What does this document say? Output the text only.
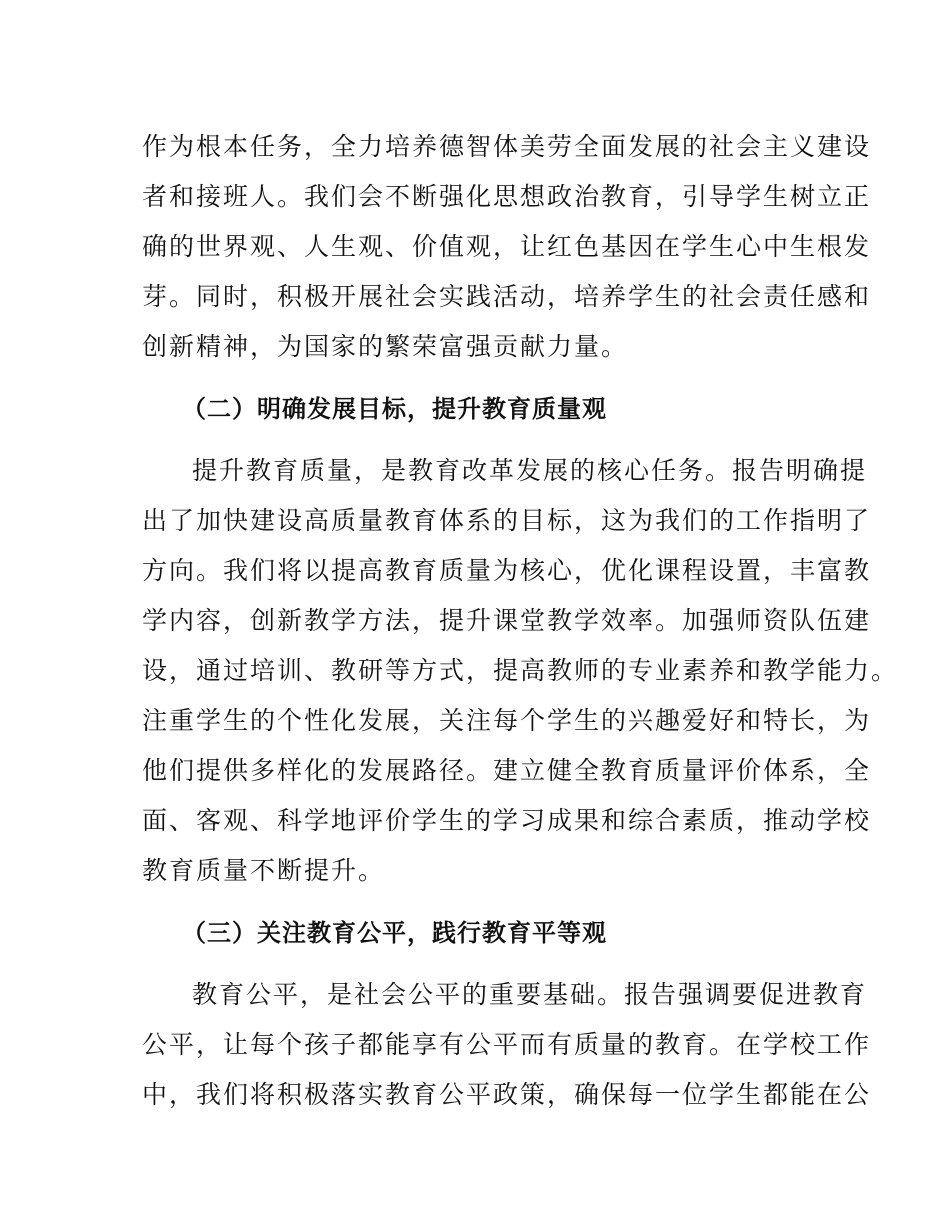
作为根本任务，全力培养德智体美劳全面发展的社会主义建设
者和接班人。我们会不断强化思想政治教育，引导学生树立正
确的世界观、人生观、价值观，让红色基因在学生心中生根发
芽。同时，积极开展社会实践活动，培养学生的社会责任感和
创新精神，为国家的繁荣富强贡献力量。
（二）明确发展目标，提升教育质量观
提升教育质量，是教育改革发展的核心任务。报告明确提
出了加快建设高质量教育体系的目标，这为我们的工作指明了
方向。我们将以提高教育质量为核心，优化课程设置，丰富教
学内容，创新教学方法，提升课堂教学效率。加强师资队伍建
设，通过培训、教研等方式，提高教师的专业素养和教学能力。
注重学生的个性化发展，关注每个学生的兴趣爱好和特长，为
他们提供多样化的发展路径。建立健全教育质量评价体系，全
面、客观、科学地评价学生的学习成果和综合素质，推动学校
教育质量不断提升。
（三）关注教育公平，践行教育平等观
教育公平，是社会公平的重要基础。报告强调要促进教育
公平，让每个孩子都能享有公平而有质量的教育。在学校工作
中，我们将积极落实教育公平政策，确保每一位学生都能在公
